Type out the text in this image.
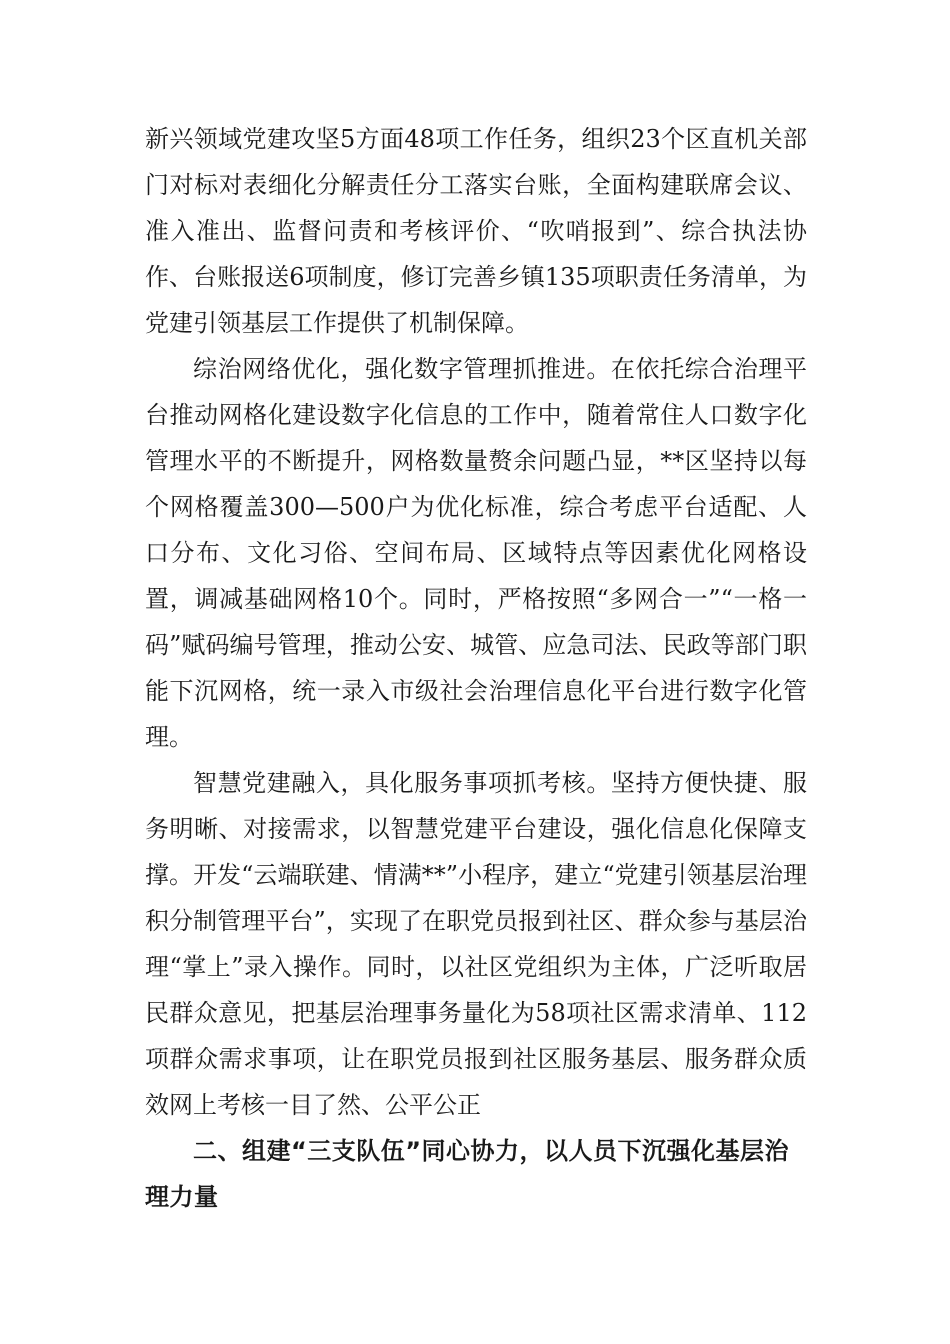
新兴领域党建攻坚5方面48项工作任务，组织23个区直机关部门对标对表细化分解责任分工落实台账，全面构建联席会议、准入准出、监督问责和考核评价、“吹哨报到”、综合执法协作、台账报送6项制度，修订完善乡镇135项职责任务清单，为党建引领基层工作提供了机制保障。

综治网络优化，强化数字管理抓推进。在依托综合治理平台推动网格化建设数字化信息的工作中，随着常住人口数字化管理水平的不断提升，网格数量赘余问题凸显，**区坚持以每个网格覆盖300—500户为优化标准，综合考虑平台适配、人口分布、文化习俗、空间布局、区域特点等因素优化网格设置，调减基础网格10个。同时，严格按照“多网合一”“一格一码”赋码编号管理，推动公安、城管、应急司法、民政等部门职能下沉网格，统一录入市级社会治理信息化平台进行数字化管理。

智慧党建融入，具化服务事项抓考核。坚持方便快捷、服务明晰、对接需求，以智慧党建平台建设，强化信息化保障支撑。开发“云端联建、情满**”小程序，建立“党建引领基层治理积分制管理平台”，实现了在职党员报到社区、群众参与基层治理“掌上”录入操作。同时，以社区党组织为主体，广泛听取居民群众意见，把基层治理事务量化为58项社区需求清单、112项群众需求事项，让在职党员报到社区服务基层、服务群众质效网上考核一目了然、公平公正

二、组建“三支队伍”同心协力，以人员下沉强化基层治理力量
